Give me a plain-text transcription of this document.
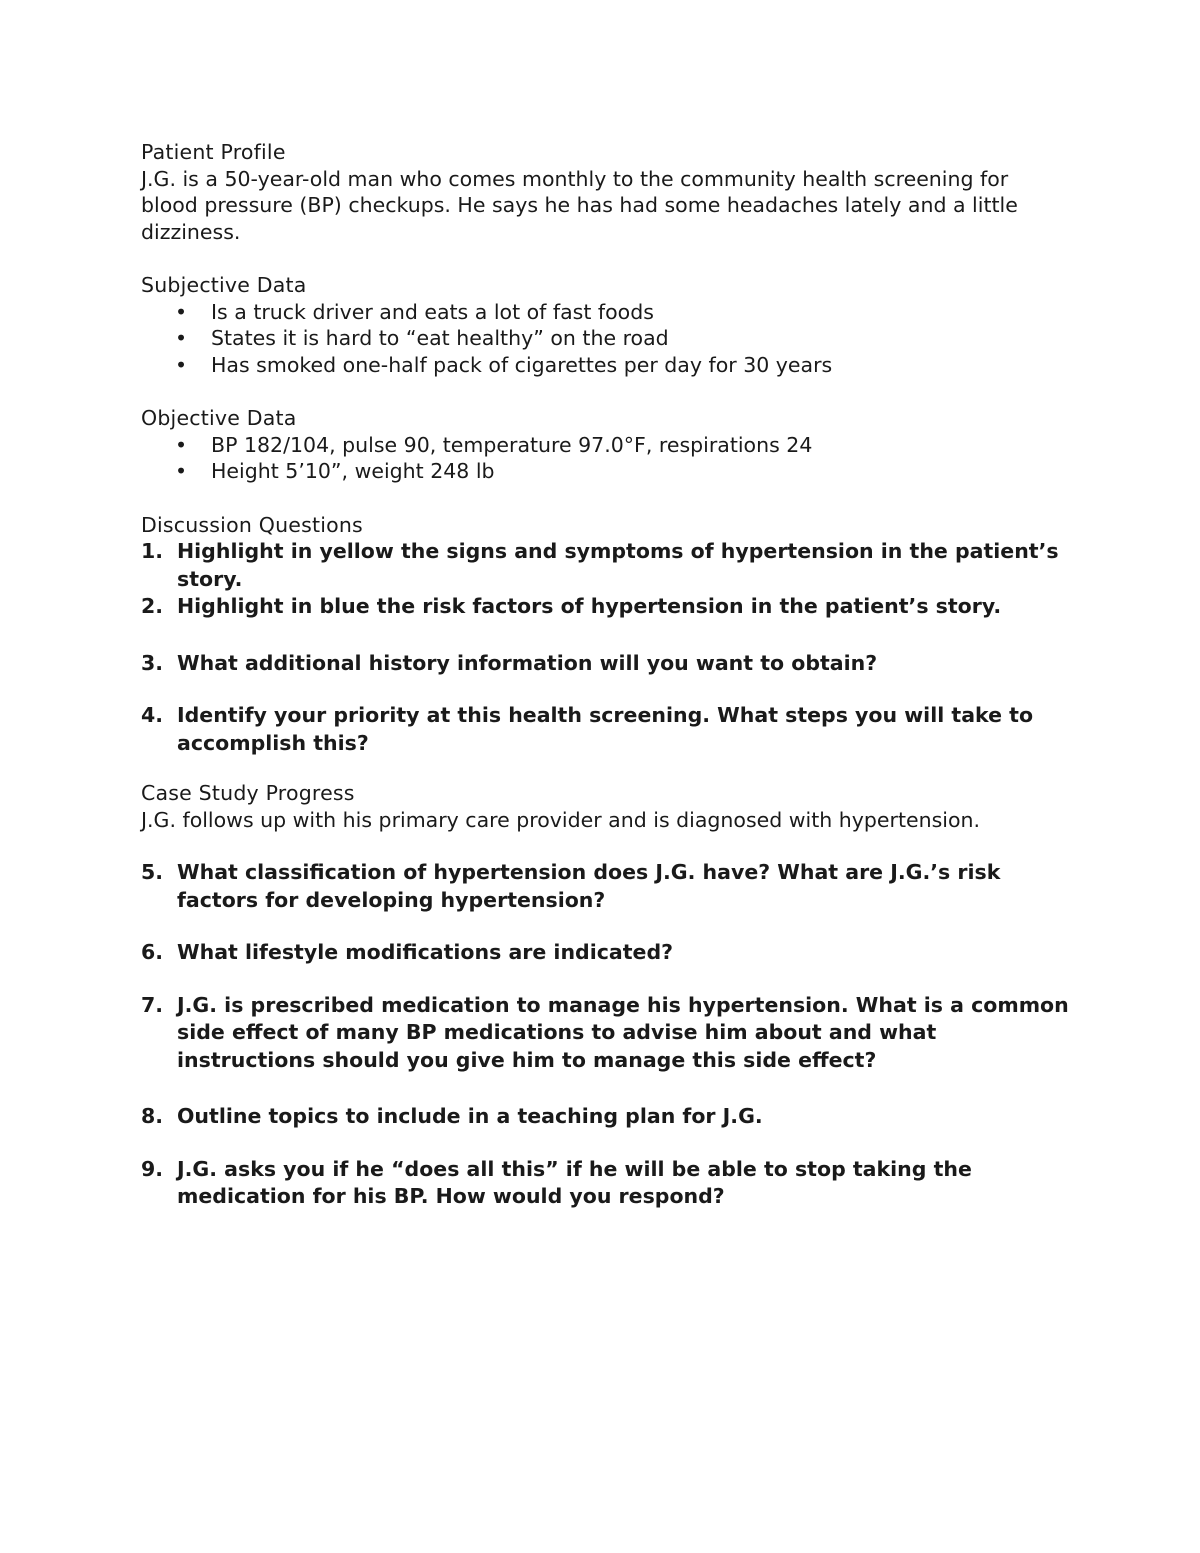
Patient Profile

J.G. is a 50-year-old man who comes monthly to the community health screening for blood pressure (BP) checkups. He says he has had some headaches lately and a little dizziness.

Subjective Data
• Is a truck driver and eats a lot of fast foods
• States it is hard to “eat healthy” on the road
• Has smoked one-half pack of cigarettes per day for 30 years
Objective Data
• BP 182/104, pulse 90, temperature 97.0°F, respirations 24
• Height 5’10”, weight 248 lb
Discussion Questions
1. Highlight in yellow the signs and symptoms of hypertension in the patient’s story.
2. Highlight in blue the risk factors of hypertension in the patient’s story.
3. What additional history information will you want to obtain?
4. Identify your priority at this health screening. What steps you will take to accomplish this?
Case Study Progress

J.G. follows up with his primary care provider and is diagnosed with hypertension.

5. What classification of hypertension does J.G. have? What are J.G.’s risk factors for developing hypertension?
6. What lifestyle modifications are indicated?
7. J.G. is prescribed medication to manage his hypertension. What is a common side effect of many BP medications to advise him about and what instructions should you give him to manage this side effect?
8. Outline topics to include in a teaching plan for J.G.
9. J.G. asks you if he “does all this” if he will be able to stop taking the medication for his BP. How would you respond?
